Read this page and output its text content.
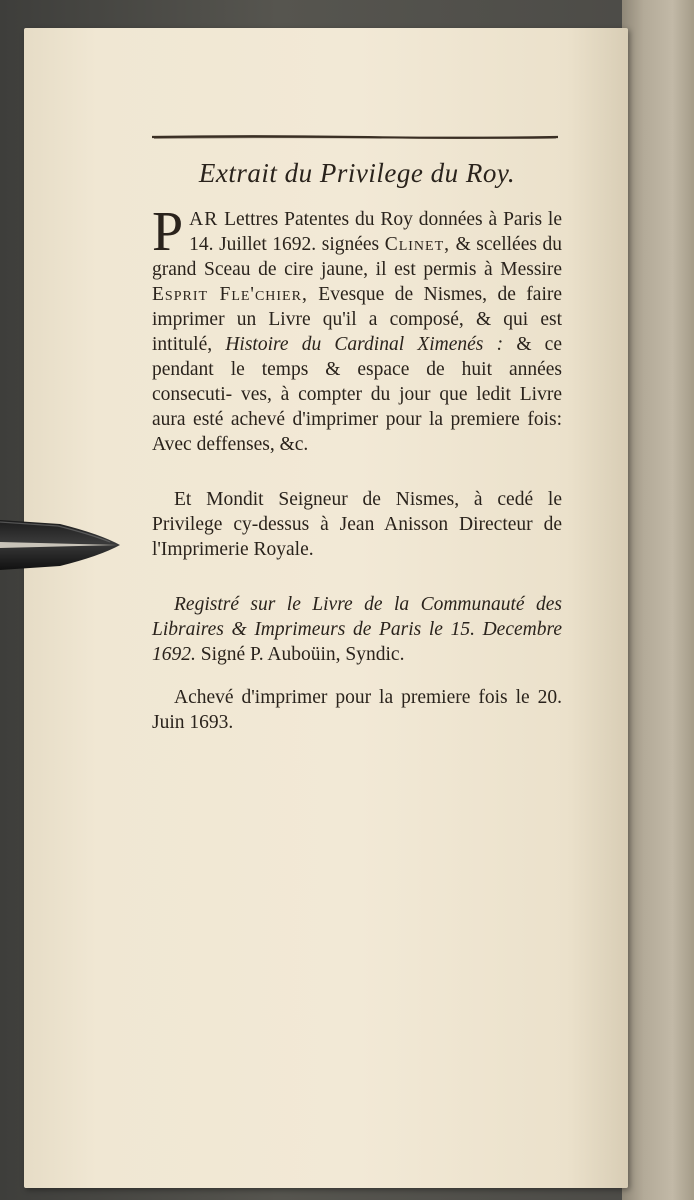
Extrait du Privilege du Roy.
PAR Lettres Patentes du Roy données à Paris le 14. Juillet 1692. signées Clinet, & scellées du grand Sceau de cire jaune, il est permis à Messire Esprit Fle'chier, Evesque de Nismes, de faire imprimer un Livre qu'il a composé, & qui est intitulé, Histoire du Cardinal Ximenés : & ce pendant le temps & espace de huit années consecuti- ves, à compter du jour que ledit Livre aura esté achevé d'imprimer pour la premiere fois: Avec deffenses, &c.
Et Mondit Seigneur de Nismes, à cedé le Privilege cy-dessus à Jean Anisson Directeur de l'Imprimerie Royale.
Registré sur le Livre de la Communauté des Libraires & Imprimeurs de Paris le 15. Decembre 1692. Signé P. Auboüin, Syndic.
Achevé d'imprimer pour la premiere fois le 20. Juin 1693.
